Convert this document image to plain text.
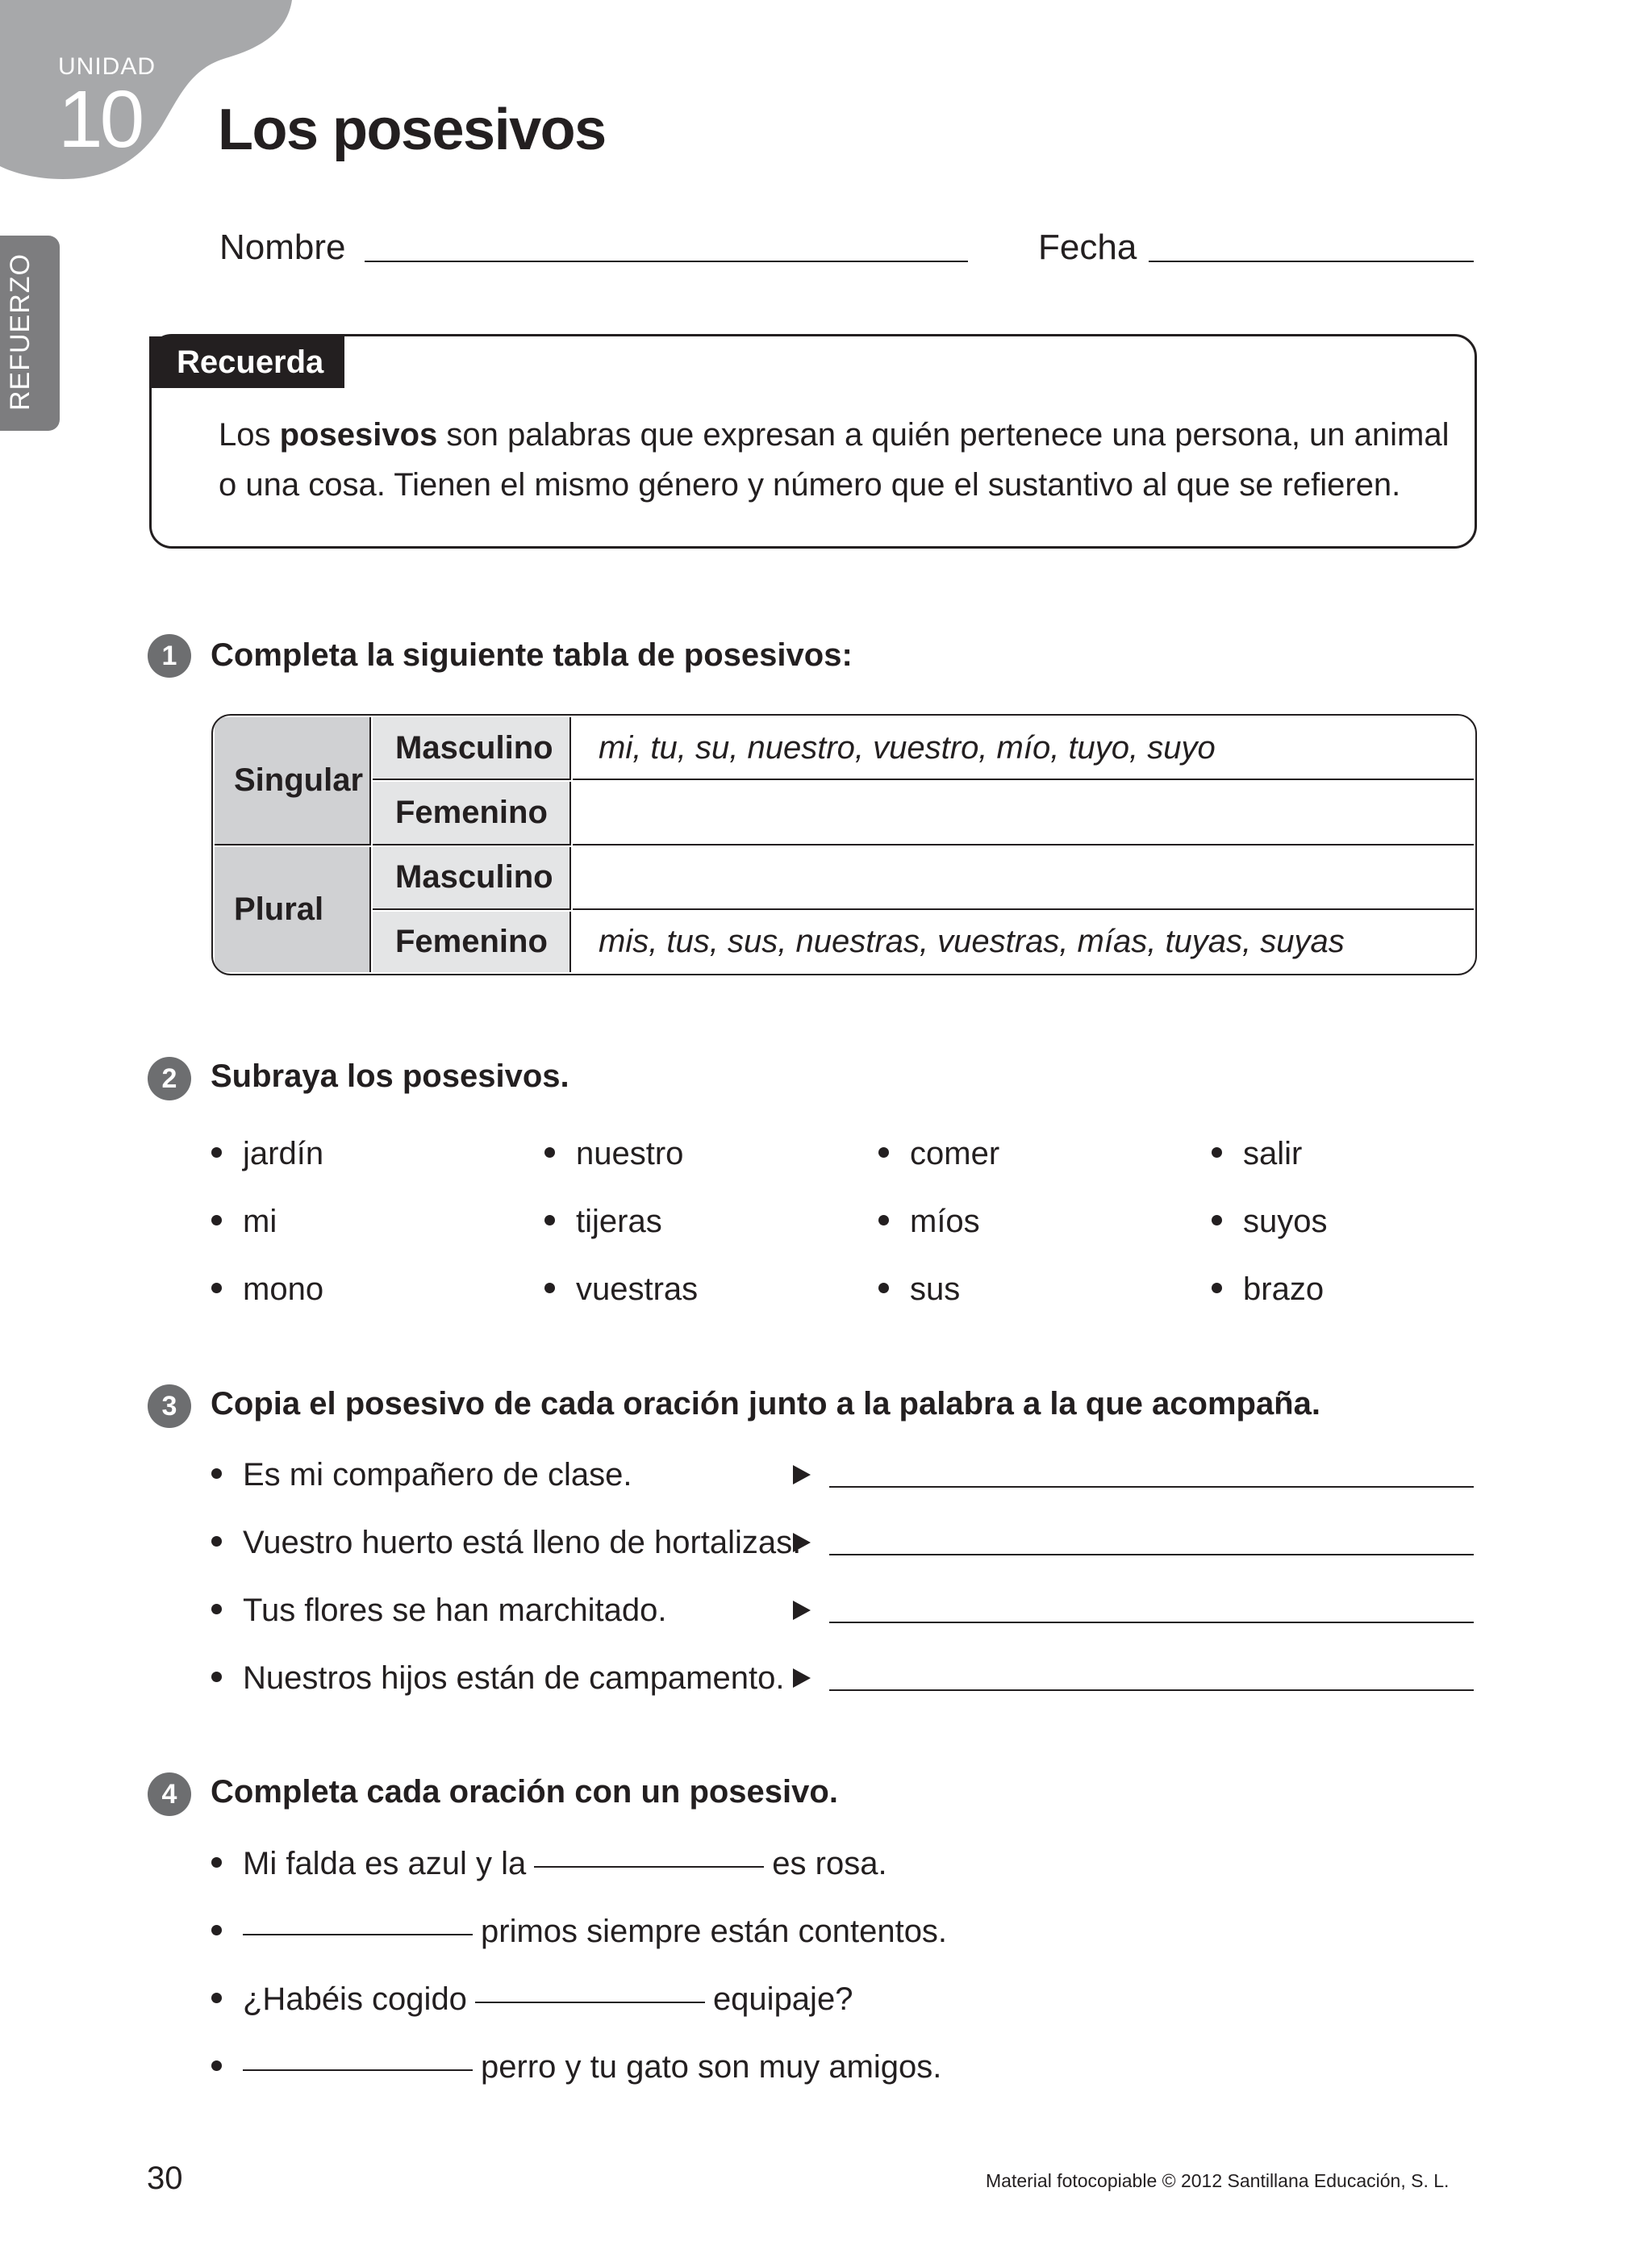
UNIDAD
10 Los posesivos
REFUERZO
Nombre	Fecha
Recuerda
Los posesivos son palabras que expresan a quién pertenece una persona, un animal o una cosa. Tienen el mismo género y número que el sustantivo al que se refieren.
1	Completa la siguiente tabla de posesivos:
Singular	Masculino	mi, tu, su, nuestro, vuestro, mío, tuyo, suyo
	Femenino	
Plural	Masculino	
	Femenino	mis, tus, sus, nuestras, vuestras, mías, tuyas, suyas
2	Subraya los posesivos.
jardín	nuestro	comer	salir
mi	tijeras	míos	suyos
mono	vuestras	sus	brazo
3	Copia el posesivo de cada oración junto a la palabra a la que acompaña.
Es mi compañero de clase.
Vuestro huerto está lleno de hortalizas.
Tus flores se han marchitado.
Nuestros hijos están de campamento.
4	Completa cada oración con un posesivo.
Mi falda es azul y la	es rosa.
primos siempre están contentos.
¿Habéis cogido	equipaje?
perro y tu gato son muy amigos.
30	Material fotocopiable © 2012 Santillana Educación, S. L.
